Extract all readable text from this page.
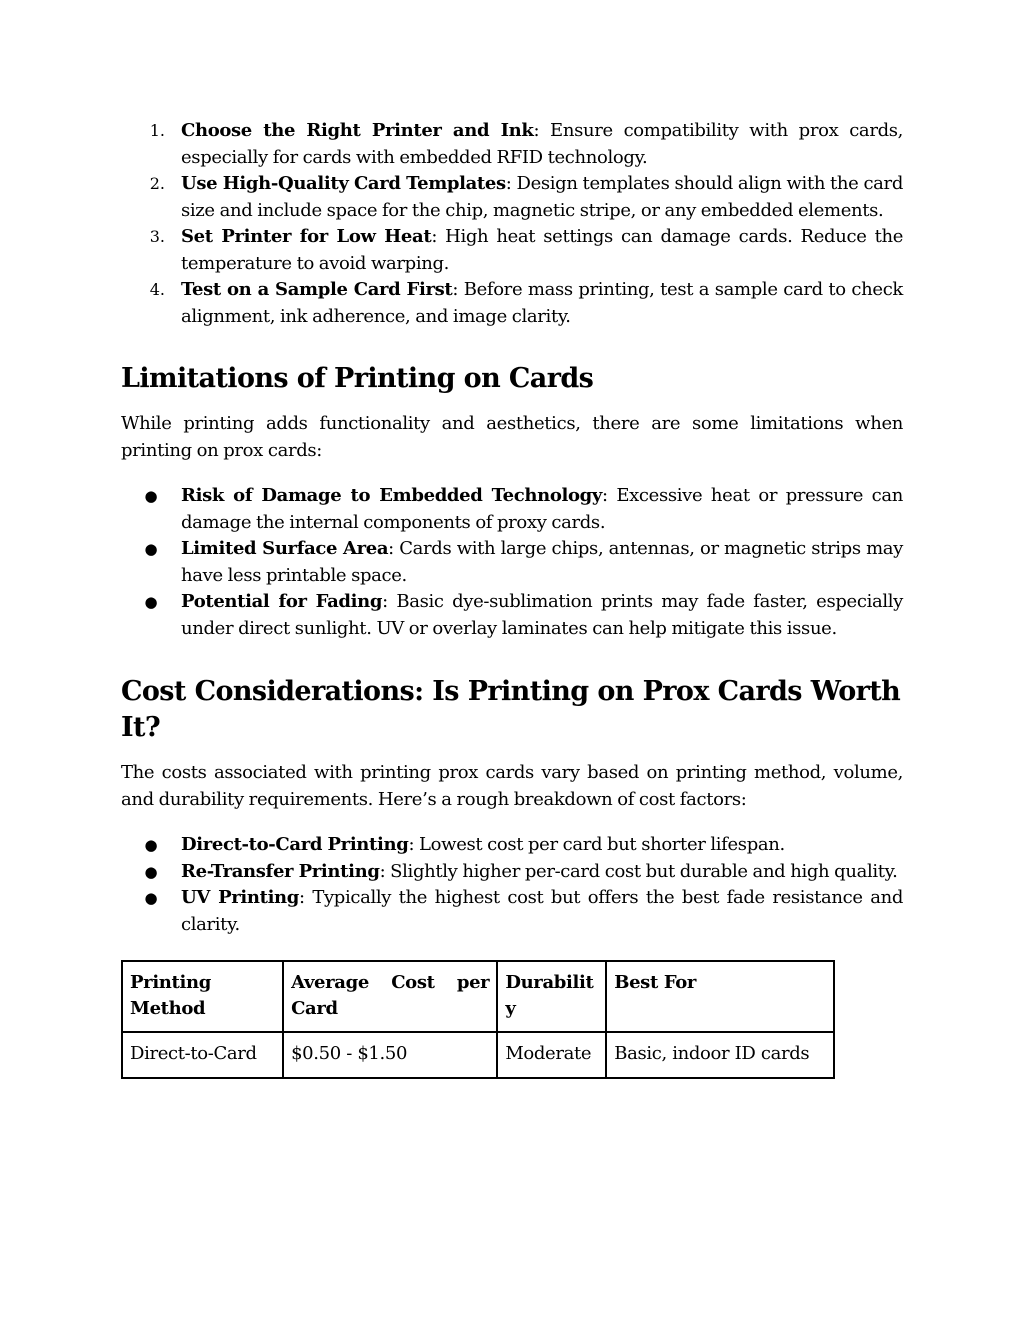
1. Choose the Right Printer and Ink: Ensure compatibility with prox cards, especially for cards with embedded RFID technology.
2. Use High-Quality Card Templates: Design templates should align with the card size and include space for the chip, magnetic stripe, or any embedded elements.
3. Set Printer for Low Heat: High heat settings can damage cards. Reduce the temperature to avoid warping.
4. Test on a Sample Card First: Before mass printing, test a sample card to check alignment, ink adherence, and image clarity.
Limitations of Printing on Cards

While printing adds functionality and aesthetics, there are some limitations when printing on prox cards:

●	Risk of Damage to Embedded Technology: Excessive heat or pressure can damage the internal components of proxy cards.
●	Limited Surface Area: Cards with large chips, antennas, or magnetic strips may have less printable space.
●	Potential for Fading: Basic dye-sublimation prints may fade faster, especially under direct sunlight. UV or overlay laminates can help mitigate this issue.
Cost Considerations: Is Printing on Prox Cards Worth It?

The costs associated with printing prox cards vary based on printing method, volume, and durability requirements. Here’s a rough breakdown of cost factors:

●	Direct-to-Card Printing: Lowest cost per card but shorter lifespan.
●	Re-Transfer Printing: Slightly higher per-card cost but durable and high quality.
●	UV Printing: Typically the highest cost but offers the best fade resistance and clarity.
Printing Method	Average Cost per Card	Durability	Best For
Direct-to-Card	$0.50 - $1.50	Moderate	Basic, indoor ID cards
